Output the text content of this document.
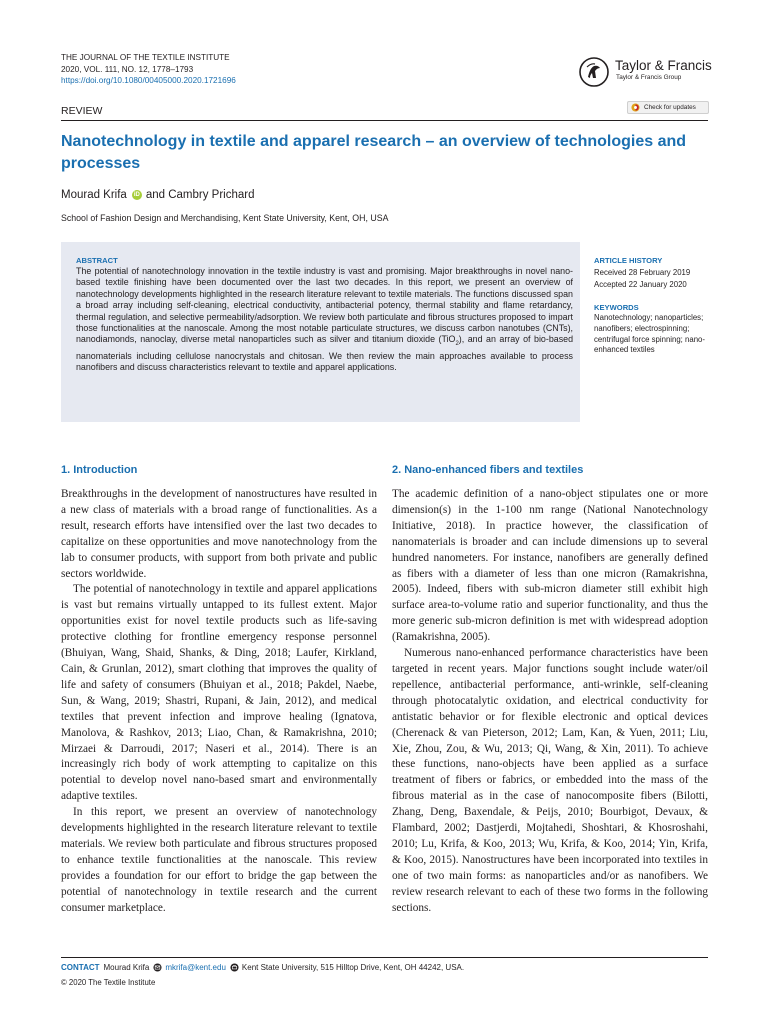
THE JOURNAL OF THE TEXTILE INSTITUTE
2020, VOL. 111, NO. 12, 1778–1793
https://doi.org/10.1080/00405000.2020.1721696
Taylor & Francis
Taylor & Francis Group
REVIEW	Check for updates
Nanotechnology in textile and apparel research – an overview of technologies and processes
Mourad Krifa	iD and Cambry Prichard
School of Fashion Design and Merchandising, Kent State University, Kent, OH, USA
ABSTRACT
The potential of nanotechnology innovation in the textile industry is vast and promising. Major breakthroughs in novel nano-based textile finishing have been documented over the last two decades. In this report, we present an overview of nanotechnology developments highlighted in the research literature relevant to textile materials. The functions discussed span a broad array including self-cleaning, electrical conductivity, antibacterial potency, thermal stability and flame retardancy, thermal regulation, and selective permeability/adsorption. We review both particulate and fibrous structures proposed to impart those functionalities at the nanoscale. Among the most notable particulate structures, we discuss carbon nanotubes (CNTs), nanodiamonds, nanoclay, diverse metal nanoparticles such as silver and titanium dioxide (TiO$_2$), and an array of bio-based nanomaterials including cellulose nanocrystals and chitosan. We then review the main approaches available to process nanofibers and discuss characteristics relevant to textile and apparel applications.
ARTICLE HISTORY
Received 28 February 2019
Accepted 22 January 2020
KEYWORDS
Nanotechnology; nanoparticles; nanofibers; electrospinning; centrifugal force spinning; nano-enhanced textiles
1. Introduction

Breakthroughs in the development of nanostructures have resulted in a new class of materials with a broad range of functionalities. As a result, research efforts have intensified over the last two decades to capitalize on these opportunities and move nanotechnology from the lab to consumer products, with support from both private and public sectors worldwide.

The potential of nanotechnology in textile and apparel applications is vast but remains virtually untapped to its fullest extent. Major opportunities exist for novel textile products such as life-saving protective clothing for frontline emergency response personnel (Bhuiyan, Wang, Shaid, Shanks, & Ding, 2018; Laufer, Kirkland, Cain, & Grunlan, 2012), smart clothing that improves the quality of life and safety of consumers (Bhuiyan et al., 2018; Pakdel, Naebe, Sun, & Wang, 2019; Shastri, Rupani, & Jain, 2012), and medical textiles that prevent infection and improve healing (Ignatova, Manolova, & Rashkov, 2013; Liao, Chan, & Ramakrishna, 2010; Mirzaei & Darroudi, 2017; Naseri et al., 2014). There is an increasingly rich body of work attempting to capitalize on this potential to develop novel nano-based smart and environmentally adaptive textiles.

In this report, we present an overview of nanotechnology developments highlighted in the research literature relevant to textile materials. We review both particulate and fibrous structures proposed to enhance textile functionalities at the nanoscale. This review provides a foundation for our effort to bridge the gap between the potential of nanotechnology in textile research and the current consumer marketplace.

2. Nano-enhanced fibers and textiles

The academic definition of a nano-object stipulates one or more dimension(s) in the 1-100 nm range (National Nanotechnology Initiative, 2018). In practice however, the classification of nanomaterials is broader and can include dimensions up to several hundred nanometers. For instance, nanofibers are generally defined as fibers with a diameter of less than one micron (Ramakrishna, 2005). Indeed, fibers with sub-micron diameter still exhibit high surface area-to-volume ratio and superior functionality, and thus the more generic sub-micron definition is met with widespread adoption (Ramakrishna, 2005).

Numerous nano-enhanced performance characteristics have been targeted in recent years. Major functions sought include water/oil repellence, antibacterial performance, anti-wrinkle, self-cleaning through photocatalytic oxidation, and electrical conductivity for antistatic behavior or for flexible electronic and optical devices (Cherenack & van Pieterson, 2012; Lam, Kan, & Yuen, 2011; Liu, Xie, Zhou, Zou, & Wu, 2013; Qi, Wang, & Xin, 2011). To achieve these functions, nano-objects have been applied as a surface treatment of fibers or fabrics, or embedded into the mass of the fibrous material as in the case of nanocomposite fibers (Bilotti, Zhang, Deng, Baxendale, & Peijs, 2010; Bourbigot, Devaux, & Flambard, 2002; Dastjerdi, Mojtahedi, Shoshtari, & Khosroshahi, 2010; Lu, Krifa, & Koo, 2013; Wu, Krifa, & Koo, 2014; Yin, Krifa, & Koo, 2015). Nanostructures have been incorporated into textiles in one of two main forms: as nanoparticles and/or as nanofibers. We review research relevant to each of these two forms in the following sections.

CONTACT Mourad Krifa mkrifa@kent.edu Kent State University, 515 Hilltop Drive, Kent, OH 44242, USA.
© 2020 The Textile Institute
